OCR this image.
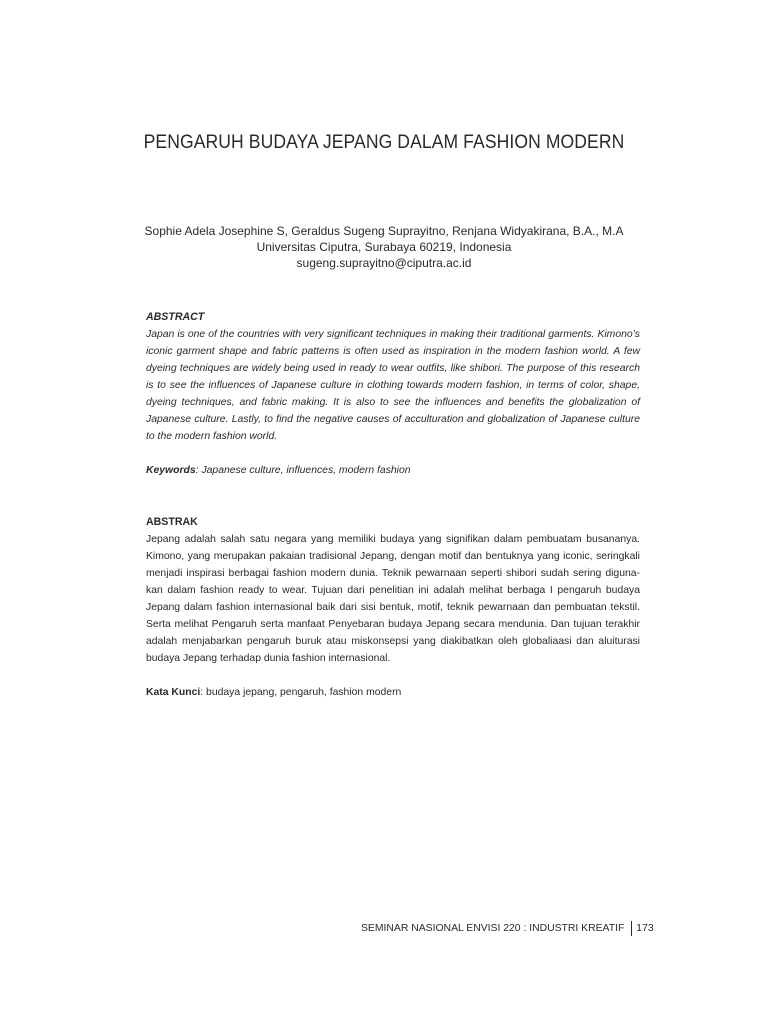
PENGARUH BUDAYA JEPANG DALAM FASHION MODERN
Sophie Adela Josephine S, Geraldus Sugeng Suprayitno, Renjana Widyakirana, B.A., M.A
Universitas Ciputra, Surabaya 60219, Indonesia
sugeng.suprayitno@ciputra.ac.id
ABSTRACT
Japan is one of the countries with very significant techniques in making their traditional garments. Kimono’s
iconic garment shape and fabric patterns is often used as inspiration in the modern fashion world. A few
dyeing techniques are widely being used in ready to wear outfits, like shibori. The purpose of this research
is to see the influences of Japanese culture in clothing towards modern fashion, in terms of color, shape,
dyeing techniques, and fabric making. It is also to see the influences and benefits the globalization of
Japanese culture. Lastly, to find the negative causes of acculturation and globalization of Japanese culture
to the modern fashion world.
Keywords: Japanese culture, influences, modern fashion
ABSTRAK
Jepang adalah salah satu negara yang memiliki budaya yang signifikan dalam pembuatam busananya.
Kimono, yang merupakan pakaian tradisional Jepang, dengan motif dan bentuknya yang iconic, seringkali
menjadi inspirasi berbagai fashion modern dunia. Teknik pewarnaan seperti shibori sudah sering diguna-
kan dalam fashion ready to wear. Tujuan dari penelitian ini adalah melihat berbaga I pengaruh budaya
Jepang dalam fashion internasional baik dari sisi bentuk, motif, teknik pewarnaan dan pembuatan tekstil.
Serta melihat Pengaruh serta manfaat Penyebaran budaya Jepang secara mendunia. Dan tujuan terakhir
adalah menjabarkan pengaruh buruk atau miskonsepsi yang diakibatkan oleh globaliaasi dan aluiturasi
budaya Jepang terhadap dunia fashion internasional.
Kata Kunci: budaya jepang, pengaruh, fashion modern
SEMINAR NASIONAL ENVISI 220 : INDUSTRI KREATIF 173
